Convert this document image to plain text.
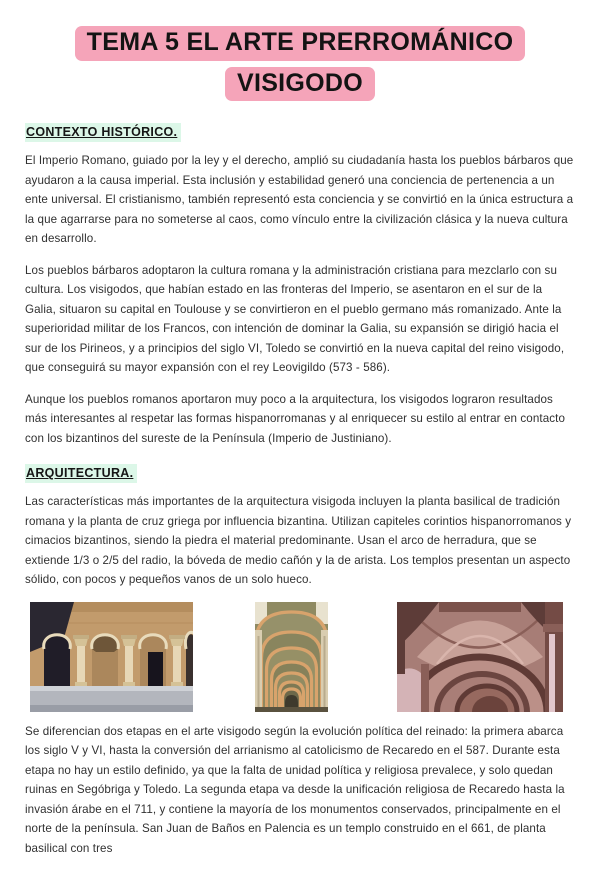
TEMA 5 EL ARTE PRERROMÁNICO
VISIGODO
CONTEXTO HISTÓRICO.

El Imperio Romano, guiado por la ley y el derecho, amplió su ciudadanía hasta los pueblos bárbaros que ayudaron a la causa imperial. Esta inclusión y estabilidad generó una conciencia de pertenencia a un ente universal. El cristianismo, también representó esta conciencia y se convirtió en la única estructura a la que agarrarse para no someterse al caos, como vínculo entre la civilización clásica y la nueva cultura en desarrollo.

Los pueblos bárbaros adoptaron la cultura romana y la administración cristiana para mezclarlo con su cultura. Los visigodos, que habían estado en las fronteras del Imperio, se asentaron en el sur de la Galia, situaron su capital en Toulouse y se convirtieron en el pueblo germano más romanizado. Ante la superioridad militar de los Francos, con intención de dominar la Galia, su expansión se dirigió hacia el sur de los Pirineos, y a principios del siglo VI, Toledo se convirtió en la nueva capital del reino visigodo, que conseguirá su mayor expansión con el rey Leovigildo (573 - 586).

Aunque los pueblos romanos aportaron muy poco a la arquitectura, los visigodos lograron resultados más interesantes al respetar las formas hispanorromanas y al enriquecer su estilo al entrar en contacto con los bizantinos del sureste de la Península (Imperio de Justiniano).

ARQUITECTURA.

Las características más importantes de la arquitectura visigoda incluyen la planta basilical de tradición romana y la planta de cruz griega por influencia bizantina. Utilizan capiteles corintios hispanorromanos y cimacios bizantinos, siendo la piedra el material predominante. Usan el arco de herradura, que se extiende 1/3 o 2/5 del radio, la bóveda de medio cañón y la de arista. Los templos presentan un aspecto sólido, con pocos y pequeños vanos de un solo hueco.

Se diferencian dos etapas en el arte visigodo según la evolución política del reinado: la primera abarca los siglo V y VI, hasta la conversión del arrianismo al catolicismo de Recaredo en el 587. Durante esta etapa no hay un estilo definido, ya que la falta de unidad política y religiosa prevalece, y solo quedan ruinas en Segóbriga y Toledo. La segunda etapa va desde la unificación religiosa de Recaredo hasta la invasión árabe en el 711, y contiene la mayoría de los monumentos conservados, principalmente en el norte de la península. San Juan de Baños en Palencia es un templo construido en el 661, de planta basilical con tres
